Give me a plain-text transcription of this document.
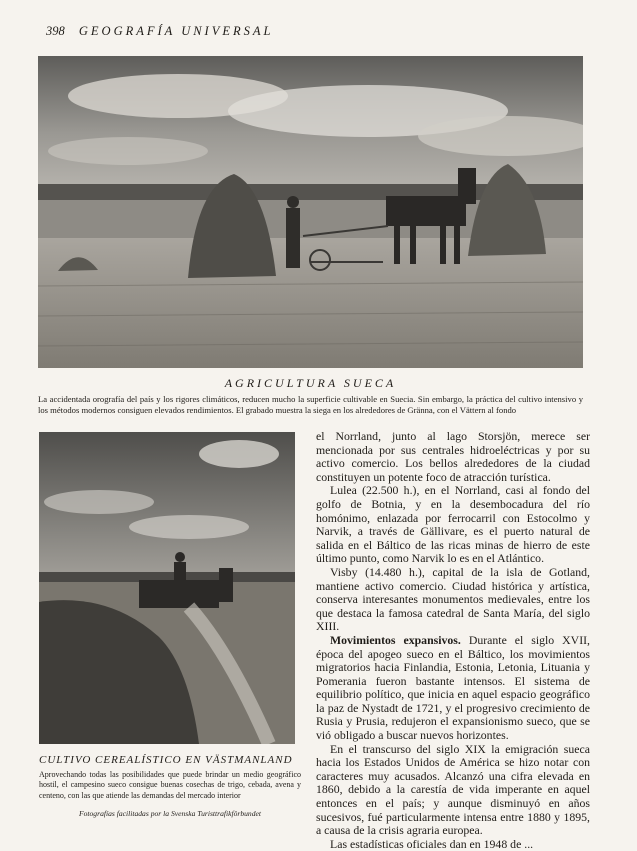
398 GEOGRAFÍA UNIVERSAL
AGRICULTURA SUECA
La accidentada orografía del país y los rigores climáticos, reducen mucho la superficie cultivable en Suecia. Sin embargo, la práctica del cultivo intensivo y los métodos modernos consiguen elevados rendimientos. El grabado muestra la siega en los alrededores de Gränna, con el Vättern al fondo
CULTIVO CEREALÍSTICO EN VÄSTMANLAND
Aprovechando todas las posibilidades que puede brindar un medio geográfico hostil, el campesino sueco consigue buenas cosechas de trigo, cebada, avena y centeno, con las que atiende las demandas del mercado interior
Fotografías facilitadas por la Svenska Turisttrafikförbundet

el Norrland, junto al lago Storsjön, merece ser mencionada por sus centrales hidroeléctricas y por su activo comercio. Los bellos alrededores de la ciudad constituyen un potente foco de atracción turística.

Lulea (22.500 h.), en el Norrland, casi al fondo del golfo de Botnia, y en la desembocadura del río homónimo, enlazada por ferrocarril con Estocolmo y Narvik, a través de Gällivare, es el puerto natural de salida en el Báltico de las ricas minas de hierro de este último punto, como Narvik lo es en el Atlántico.

Visby (14.480 h.), capital de la isla de Gotland, mantiene activo comercio. Ciudad histórica y artística, conserva interesantes monumentos medievales, entre los que destaca la famosa catedral de Santa María, del siglo XIII.

Movimientos expansivos. Durante el siglo XVII, época del apogeo sueco en el Báltico, los movimientos migratorios hacia Finlandia, Estonia, Letonia, Lituania y Pomerania fueron bastante intensos. El sistema de equilibrio político, que inicia en aquel espacio geográfico la paz de Nystadt de 1721, y el progresivo crecimiento de Rusia y Prusia, redujeron el expansionismo sueco, que se vió obligado a buscar nuevos horizontes.

En el transcurso del siglo XIX la emigración sueca hacia los Estados Unidos de América se hizo notar con caracteres muy acusados. Alcanzó una cifra elevada en 1860, debido a la carestía de vida imperante en aquel entonces en el país; y aunque disminuyó en años sucesivos, fué particularmente intensa entre 1880 y 1895, a causa de la crisis agraria europea.

Las estadísticas oficiales dan en 1948 de ...
